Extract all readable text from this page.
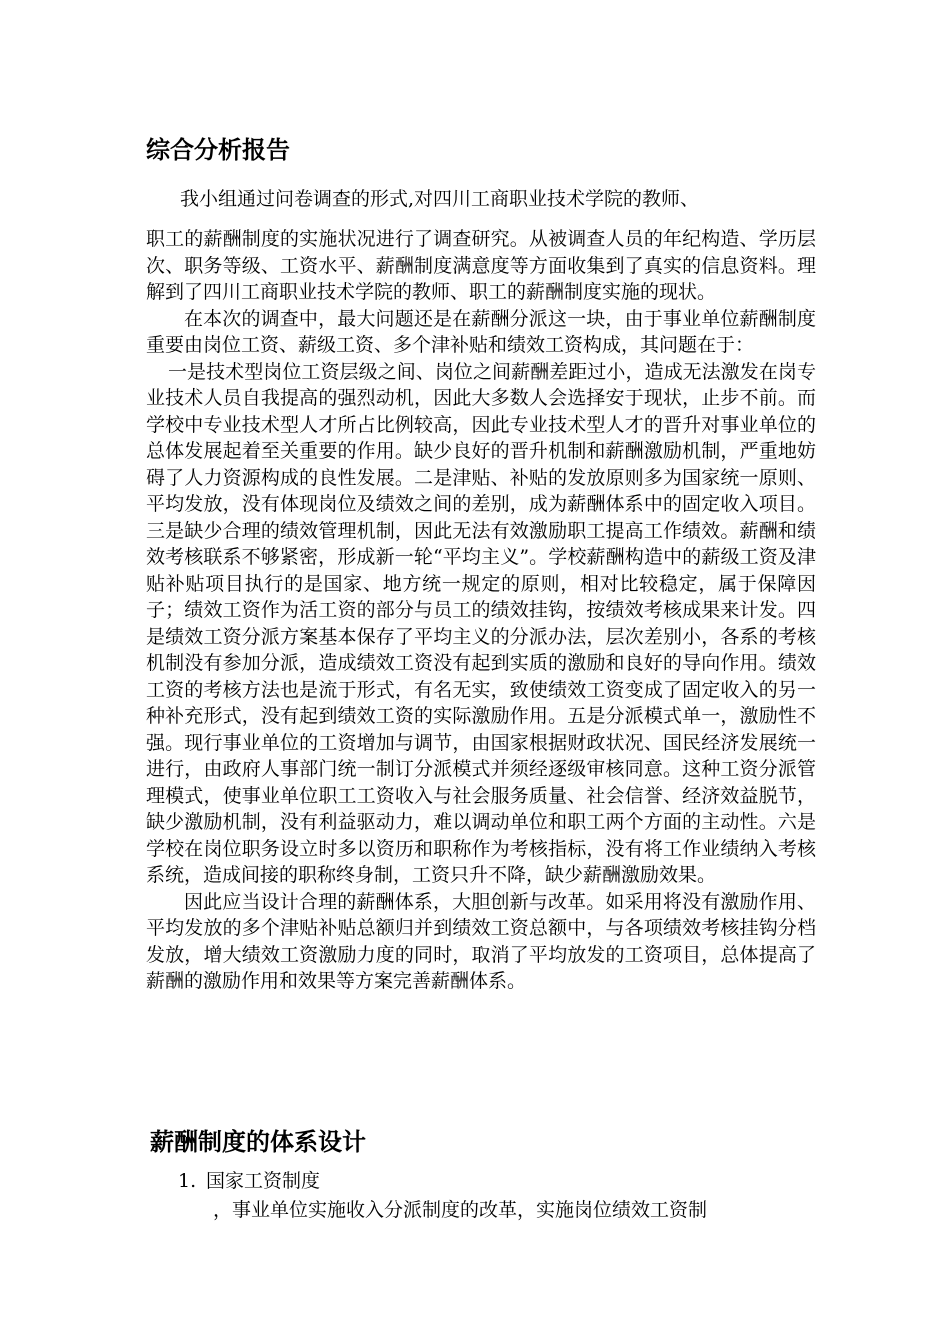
综合分析报告

我小组通过问卷调查的形式,对四川工商职业技术学院的教师、

职工的薪酬制度的实施状况进行了调查研究。从被调查人员的年纪构造、学历层次、职务等级、工资水平、薪酬制度满意度等方面收集到了真实的信息资料。理解到了四川工商职业技术学院的教师、职工的薪酬制度实施的现状。

在本次的调查中，最大问题还是在薪酬分派这一块，由于事业单位薪酬制度重要由岗位工资、薪级工资、多个津补贴和绩效工资构成，其问题在于：

一是技术型岗位工资层级之间、岗位之间薪酬差距过小，造成无法激发在岗专业技术人员自我提高的强烈动机，因此大多数人会选择安于现状，止步不前。而学校中专业技术型人才所占比例较高，因此专业技术型人才的晋升对事业单位的总体发展起着至关重要的作用。缺少良好的晋升机制和薪酬激励机制，严重地妨碍了人力资源构成的良性发展。二是津贴、补贴的发放原则多为国家统一原则、平均发放，没有体现岗位及绩效之间的差别，成为薪酬体系中的固定收入项目。三是缺少合理的绩效管理机制，因此无法有效激励职工提高工作绩效。薪酬和绩效考核联系不够紧密，形成新一轮“平均主义”。学校薪酬构造中的薪级工资及津贴补贴项目执行的是国家、地方统一规定的原则，相对比较稳定，属于保障因子；绩效工资作为活工资的部分与员工的绩效挂钩，按绩效考核成果来计发。四是绩效工资分派方案基本保存了平均主义的分派办法，层次差别小，各系的考核机制没有参加分派，造成绩效工资没有起到实质的激励和良好的导向作用。绩效工资的考核方法也是流于形式，有名无实，致使绩效工资变成了固定收入的另一种补充形式，没有起到绩效工资的实际激励作用。五是分派模式单一，激励性不强。现行事业单位的工资增加与调节，由国家根据财政状况、国民经济发展统一进行，由政府人事部门统一制订分派模式并须经逐级审核同意。这种工资分派管理模式，使事业单位职工工资收入与社会服务质量、社会信誉、经济效益脱节，缺少激励机制，没有利益驱动力，难以调动单位和职工两个方面的主动性。六是学校在岗位职务设立时多以资历和职称作为考核指标，没有将工作业绩纳入考核系统，造成间接的职称终身制，工资只升不降，缺少薪酬激励效果。

因此应当设计合理的薪酬体系，大胆创新与改革。如采用将没有激励作用、平均发放的多个津贴补贴总额归并到绩效工资总额中，与各项绩效考核挂钩分档发放，增大绩效工资激励力度的同时，取消了平均放发的工资项目，总体提高了薪酬的激励作用和效果等方案完善薪酬体系。

薪酬制度的体系设计
1. 国家工资制度
，事业单位实施收入分派制度的改革，实施岗位绩效工资制
